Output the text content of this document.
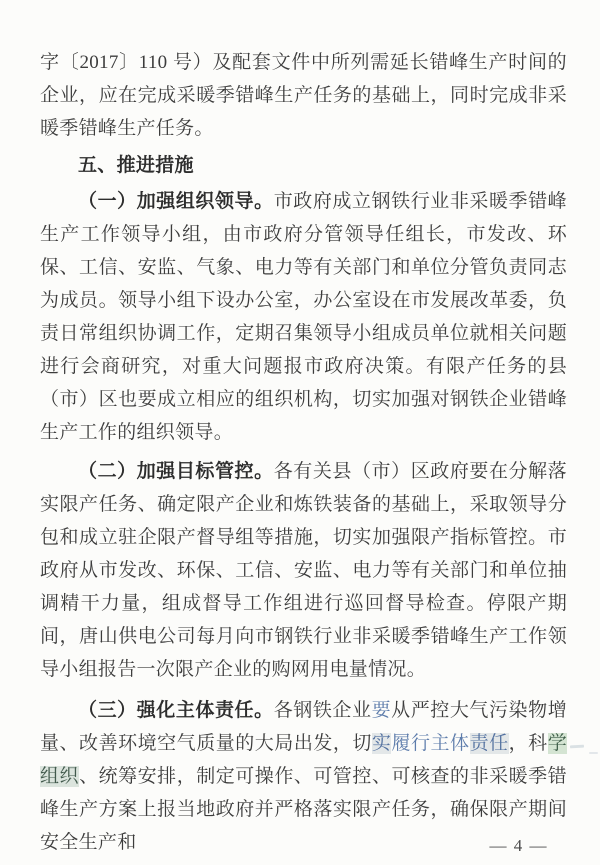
字〔2017〕110 号）及配套文件中所列需延长错峰生产时间的企业，应在完成采暖季错峰生产任务的基础上，同时完成非采暖季错峰生产任务。

五、推进措施

（一）加强组织领导。市政府成立钢铁行业非采暖季错峰生产工作领导小组，由市政府分管领导任组长，市发改、环保、工信、安监、气象、电力等有关部门和单位分管负责同志为成员。领导小组下设办公室，办公室设在市发展改革委，负责日常组织协调工作，定期召集领导小组成员单位就相关问题进行会商研究，对重大问题报市政府决策。有限产任务的县（市）区也要成立相应的组织机构，切实加强对钢铁企业错峰生产工作的组织领导。

（二）加强目标管控。各有关县（市）区政府要在分解落实限产任务、确定限产企业和炼铁装备的基础上，采取领导分包和成立驻企限产督导组等措施，切实加强限产指标管控。市政府从市发改、环保、工信、安监、电力等有关部门和单位抽调精干力量，组成督导工作组进行巡回督导检查。停限产期间，唐山供电公司每月向市钢铁行业非采暖季错峰生产工作领导小组报告一次限产企业的购网用电量情况。

（三）强化主体责任。各钢铁企业要从严控大气污染物增量、改善环境空气质量的大局出发，切实履行主体责任，科学组织、统筹安排，制定可操作、可管控、可核查的非采暖季错峰生产方案上报当地政府并严格落实限产任务，确保限产期间安全生产和	— 4 —
